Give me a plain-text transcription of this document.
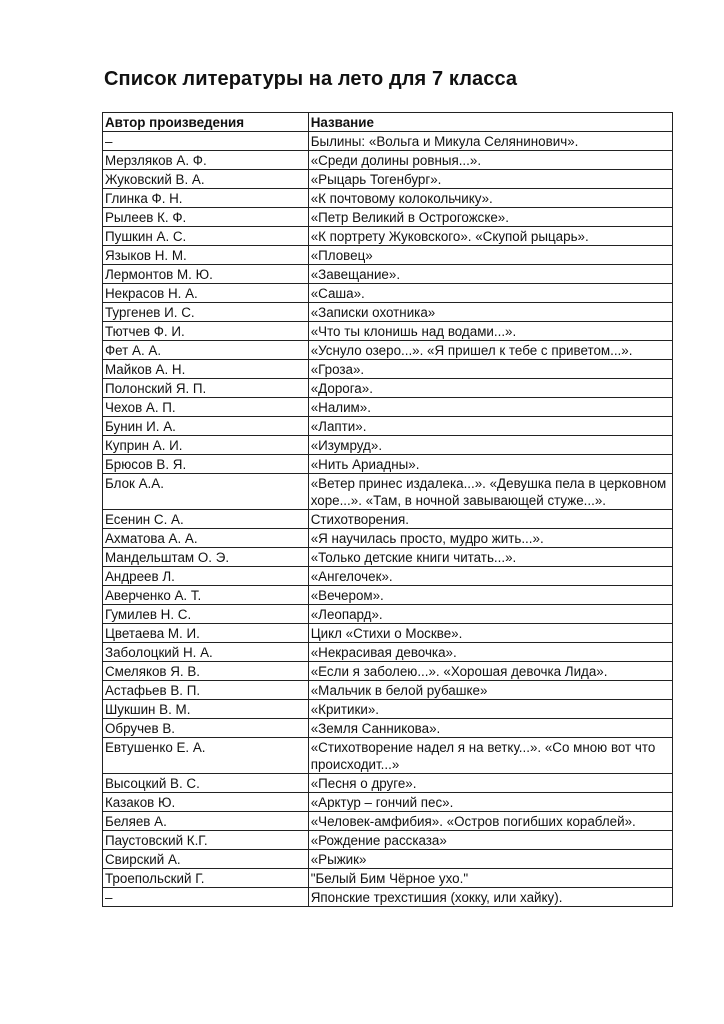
Список литературы на лето для 7 класса
Автор произведения	Название
–	Былины: «Вольга и Микула Селянинович».
Мерзляков А. Ф.	«Среди долины ровныя...».
Жуковский В. А.	«Рыцарь Тогенбург».
Глинка Ф. Н.	«К почтовому колокольчику».
Рылеев К. Ф.	«Петр Великий в Острогожске».
Пушкин А. С.	«К портрету Жуковского». «Скупой рыцарь».
Языков Н. М.	«Пловец»
Лермонтов М. Ю.	«Завещание».
Некрасов Н. А.	«Саша».
Тургенев И. С.	«Записки охотника»
Тютчев Ф. И.	«Что ты клонишь над водами...».
Фет А. А.	«Уснуло озеро...». «Я пришел к тебе с приветом...».
Майков А. Н.	«Гроза».
Полонский Я. П.	«Дорога».
Чехов А. П.	«Налим».
Бунин И. А.	«Лапти».
Куприн А. И.	«Изумруд».
Брюсов В. Я.	«Нить Ариадны».
Блок А.А.	«Ветер принес издалека...». «Девушка пела в церковном хоре...». «Там, в ночной завывающей стуже...».
Есенин С. А.	Стихотворения.
Ахматова А. А.	«Я научилась просто, мудро жить...».
Мандельштам О. Э.	«Только детские книги читать...».
Андреев Л.	«Ангелочек».
Аверченко А. Т.	«Вечером».
Гумилев Н. С.	«Леопард».
Цветаева М. И.	Цикл «Стихи о Москве».
Заболоцкий Н. А.	«Некрасивая девочка».
Смеляков Я. В.	«Если я заболею...». «Хорошая девочка Лида».
Астафьев В. П.	«Мальчик в белой рубашке»
Шукшин В. М.	«Критики».
Обручев В.	«Земля Санникова».
Евтушенко Е. А.	«Стихотворение надел я на ветку...». «Со мною вот что происходит...»
Высоцкий В. С.	«Песня о друге».
Казаков Ю.	«Арктур – гончий пес».
Беляев А.	«Человек-амфибия». «Остров погибших кораблей».
Паустовский К.Г.	«Рождение рассказа»
Свирский А.	«Рыжик»
Троепольский Г.	"Белый Бим Чёрное ухо."
–	Японские трехстишия (хокку, или хайку).
